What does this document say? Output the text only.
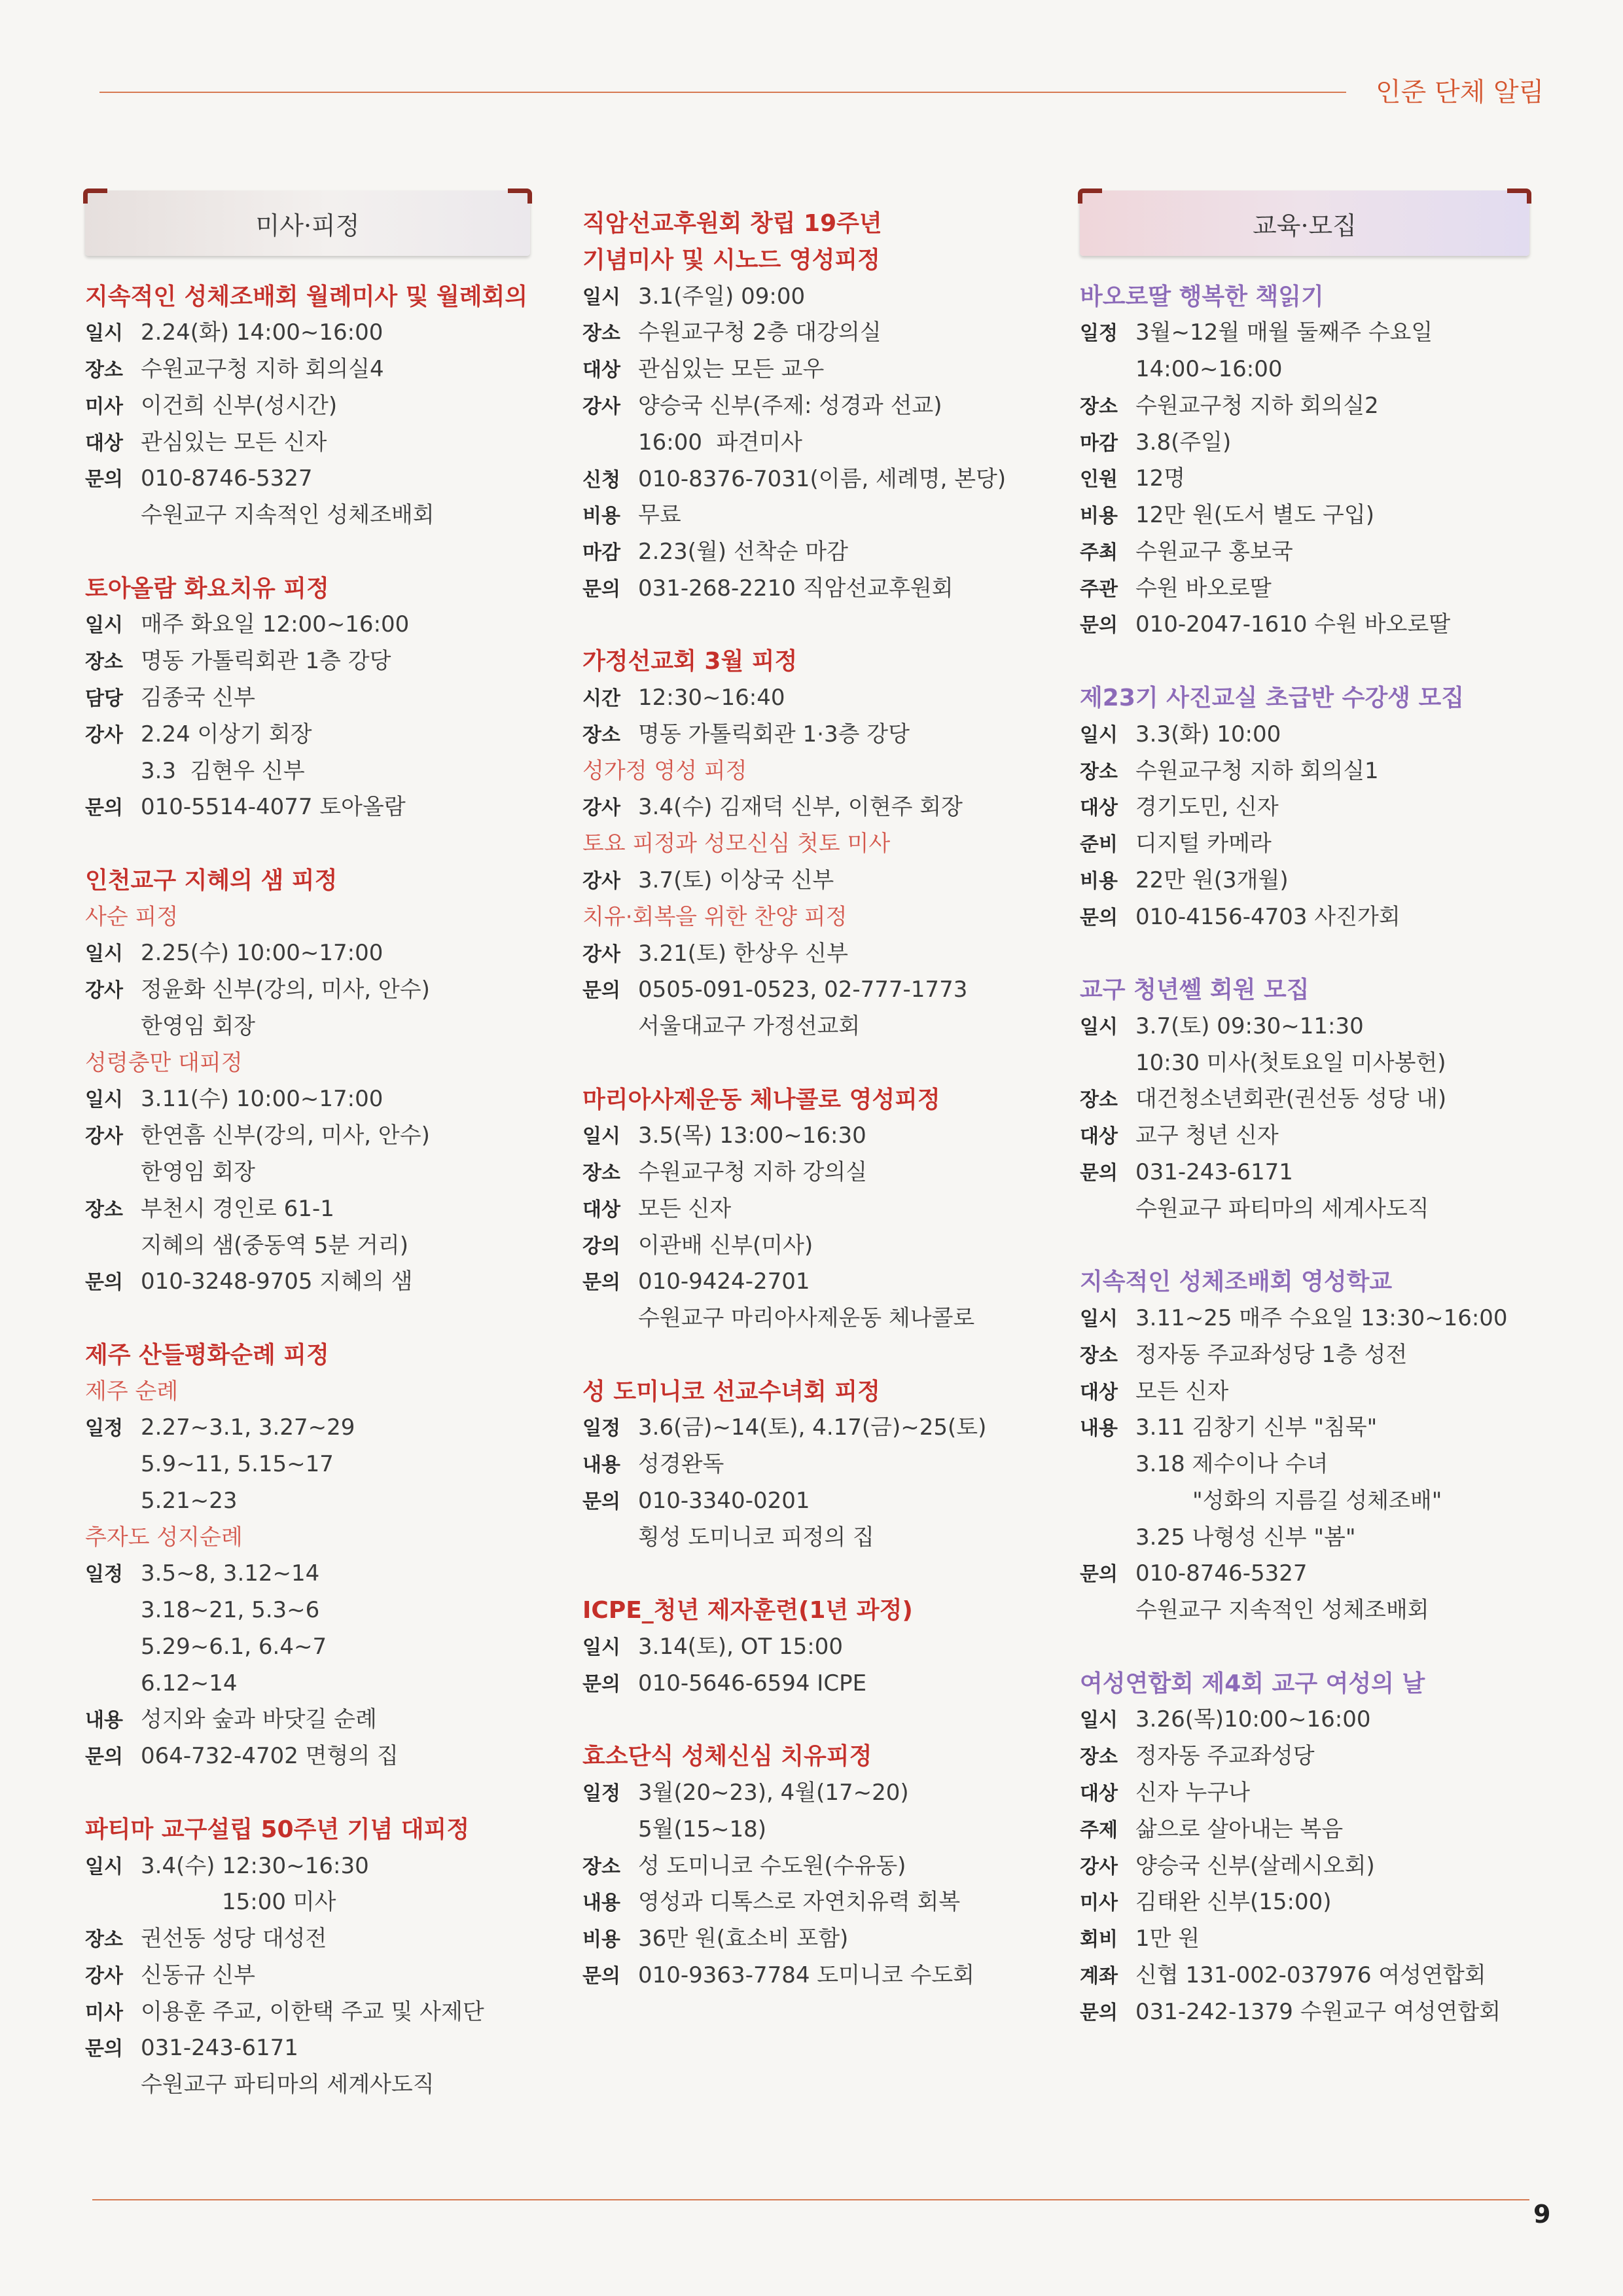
인준 단체 알림
미사·피정	교육·모집
지속적인 성체조배회 월례미사 및 월례회의
일시 2.24(화) 14:00~16:00
장소 수원교구청 지하 회의실4
미사 이건희 신부(성시간)
대상 관심있는 모든 신자
문의 010-8746-5327
수원교구 지속적인 성체조배회
토아올람 화요치유 피정
일시 매주 화요일 12:00~16:00
장소 명동 가톨릭회관 1층 강당
담당 김종국 신부
강사 2.24 이상기 회장
3.3  김현우 신부
문의 010-5514-4077 토아올람
인천교구 지혜의 샘 피정
사순 피정
일시 2.25(수) 10:00~17:00
강사 정윤화 신부(강의, 미사, 안수)
한영임 회장
성령충만 대피정
일시 3.11(수) 10:00~17:00
강사 한연흠 신부(강의, 미사, 안수)
한영임 회장
장소 부천시 경인로 61-1
지혜의 샘(중동역 5분 거리)
문의 010-3248-9705 지혜의 샘
제주 산들평화순례 피정
제주 순례
일정 2.27~3.1, 3.27~29
5.9~11, 5.15~17
5.21~23
추자도 성지순례
일정 3.5~8, 3.12~14
3.18~21, 5.3~6
5.29~6.1, 6.4~7
6.12~14
내용 성지와 숲과 바닷길 순례
문의 064-732-4702 면형의 집
파티마 교구설립 50주년 기념 대피정
일시 3.4(수) 12:30~16:30
15:00 미사
장소 권선동 성당 대성전
강사 신동규 신부
미사 이용훈 주교, 이한택 주교 및 사제단
문의 031-243-6171
수원교구 파티마의 세계사도직
직암선교후원회 창립 19주년
기념미사 및 시노드 영성피정
일시 3.1(주일) 09:00
장소 수원교구청 2층 대강의실
대상 관심있는 모든 교우
강사 양승국 신부(주제: 성경과 선교)
16:00  파견미사
신청 010-8376-7031(이름, 세례명, 본당)
비용 무료
마감 2.23(월) 선착순 마감
문의 031-268-2210 직암선교후원회
가정선교회 3월 피정
시간 12:30~16:40
장소 명동 가톨릭회관 1·3층 강당
성가정 영성 피정
강사 3.4(수) 김재덕 신부, 이현주 회장
토요 피정과 성모신심 첫토 미사
강사 3.7(토) 이상국 신부
치유·회복을 위한 찬양 피정
강사 3.21(토) 한상우 신부
문의 0505-091-0523, 02-777-1773
서울대교구 가정선교회
마리아사제운동 체나콜로 영성피정
일시 3.5(목) 13:00~16:30
장소 수원교구청 지하 강의실
대상 모든 신자
강의 이관배 신부(미사)
문의 010-9424-2701
수원교구 마리아사제운동 체나콜로
성 도미니코 선교수녀회 피정
일정 3.6(금)~14(토), 4.17(금)~25(토)
내용 성경완독
문의 010-3340-0201
횡성 도미니코 피정의 집
ICPE_청년 제자훈련(1년 과정)
일시 3.14(토), OT 15:00
문의 010-5646-6594 ICPE
효소단식 성체신심 치유피정
일정 3월(20~23), 4월(17~20)
5월(15~18)
장소 성 도미니코 수도원(수유동)
내용 영성과 디톡스로 자연치유력 회복
비용 36만 원(효소비 포함)
문의 010-9363-7784 도미니코 수도회
바오로딸 행복한 책읽기
일정 3월~12월 매월 둘째주 수요일
14:00~16:00
장소 수원교구청 지하 회의실2
마감 3.8(주일)
인원 12명
비용 12만 원(도서 별도 구입)
주최 수원교구 홍보국
주관 수원 바오로딸
문의 010-2047-1610 수원 바오로딸
제23기 사진교실 초급반 수강생 모집
일시 3.3(화) 10:00
장소 수원교구청 지하 회의실1
대상 경기도민, 신자
준비 디지털 카메라
비용 22만 원(3개월)
문의 010-4156-4703 사진가회
교구 청년쎌 회원 모집
일시 3.7(토) 09:30~11:30
10:30 미사(첫토요일 미사봉헌)
장소 대건청소년회관(권선동 성당 내)
대상 교구 청년 신자
문의 031-243-6171
수원교구 파티마의 세계사도직
지속적인 성체조배회 영성학교
일시 3.11~25 매주 수요일 13:30~16:00
장소 정자동 주교좌성당 1층 성전
대상 모든 신자
내용 3.11 김창기 신부 "침묵"
3.18 제수이나 수녀
"성화의 지름길 성체조배"
3.25 나형성 신부 "봄"
문의 010-8746-5327
수원교구 지속적인 성체조배회
여성연합회 제4회 교구 여성의 날
일시 3.26(목)10:00~16:00
장소 정자동 주교좌성당
대상 신자 누구나
주제 삶으로 살아내는 복음
강사 양승국 신부(살레시오회)
미사 김태완 신부(15:00)
회비 1만 원
계좌 신협 131-002-037976 여성연합회
문의 031-242-1379 수원교구 여성연합회
9
